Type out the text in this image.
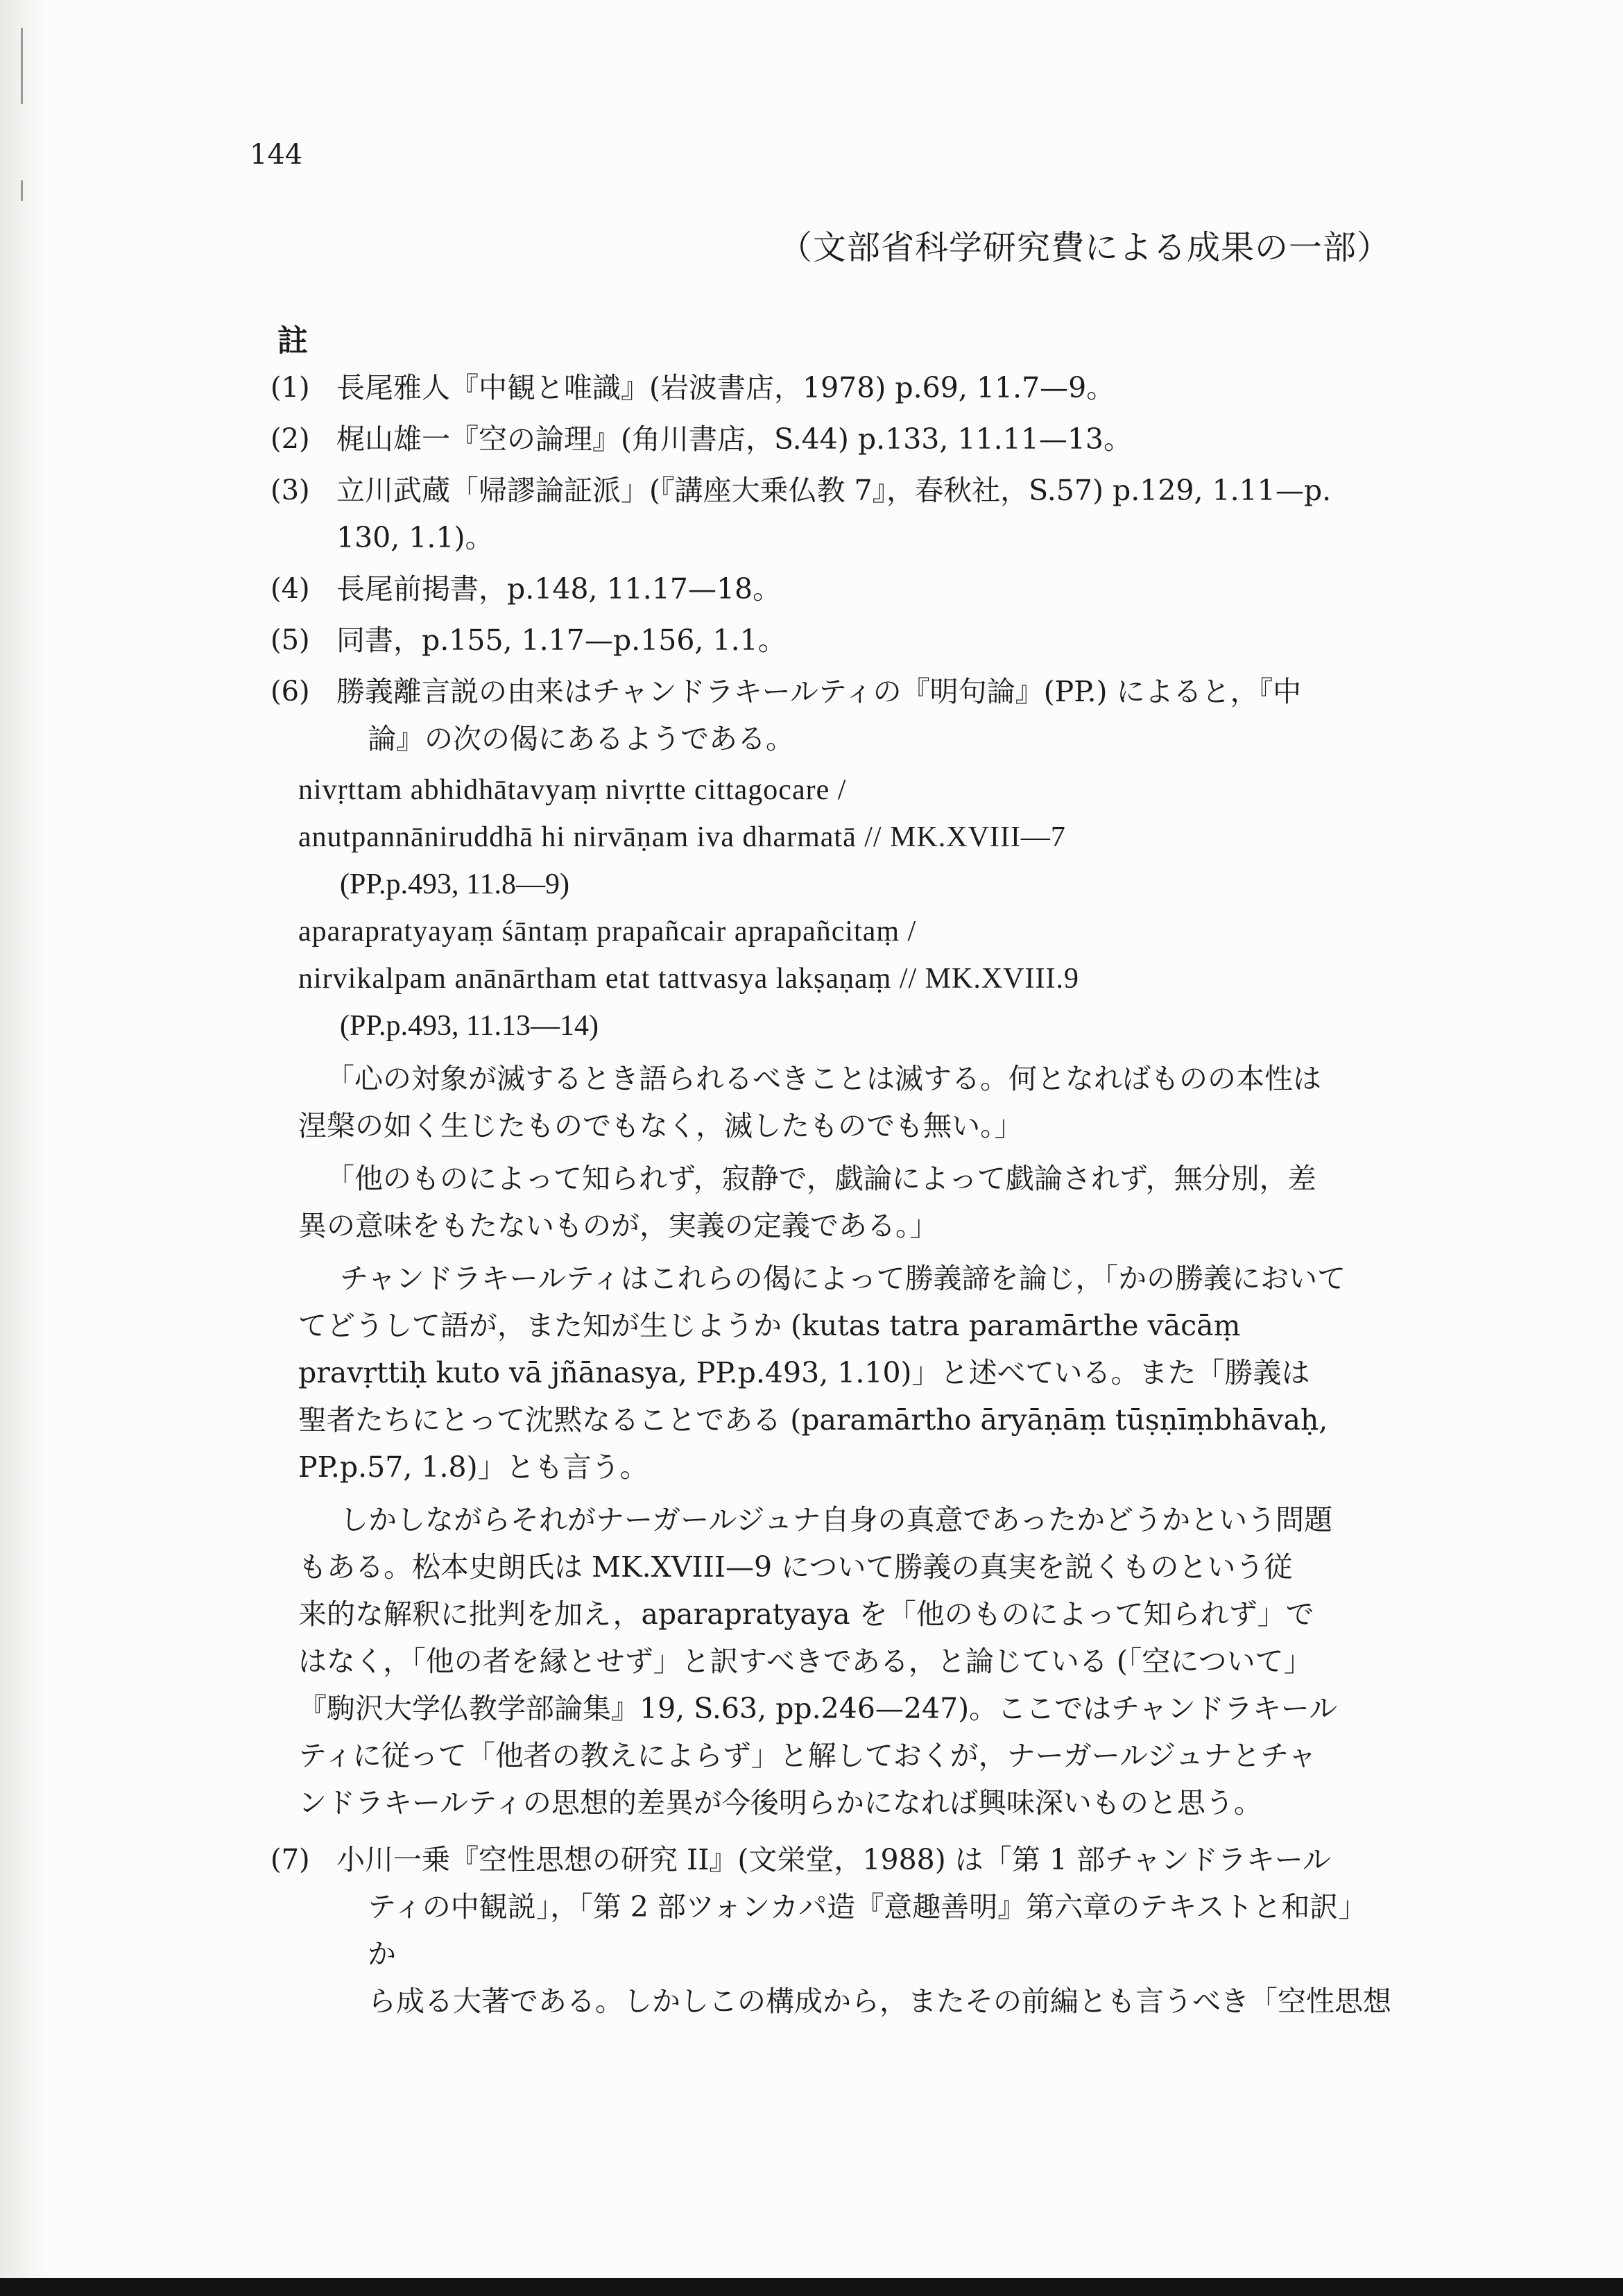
144
（文部省科学研究費による成果の一部）
註
(1) 長尾雅人『中観と唯識』(岩波書店，1978) p.69, 11.7—9。
(2) 梶山雄一『空の論理』(角川書店，S.44) p.133, 11.11—13。
(3) 立川武蔵「帰謬論証派」(『講座大乗仏教 7』，春秋社，S.57) p.129, 1.11—p.
130, 1.1)。
(4) 長尾前掲書，p.148, 11.17—18。
(5) 同書，p.155, 1.17—p.156, 1.1。
(6) 勝義離言説の由来はチャンドラキールティの『明句論』(PP.) によると，『中
論』の次の偈にあるようである。
nivṛttam abhidhātavyaṃ nivṛtte cittagocare /
anutpannāniruddhā hi nirvāṇam iva dharmatā // MK.XVIII—7
(PP.p.493, 11.8—9)
aparapratyayaṃ śāntaṃ prapañcair aprapañcitaṃ /
nirvikalpam anānārtham etat tattvasya lakṣaṇaṃ // MK.XVIII.9
(PP.p.493, 11.13—14)
「心の対象が滅するとき語られるべきことは滅する。何となればものの本性は
涅槃の如く生じたものでもなく，滅したものでも無い。」
「他のものによって知られず，寂静で，戯論によって戯論されず，無分別，差
異の意味をもたないものが，実義の定義である。」
チャンドラキールティはこれらの偈によって勝義諦を論じ，「かの勝義において
てどうして語が，また知が生じようか (kutas tatra paramārthe vācāṃ
pravṛttiḥ kuto vā jñānasya, PP.p.493, 1.10)」と述べている。また「勝義は
聖者たちにとって沈黙なることである (paramārtho āryāṇāṃ tūṣṇīṃbhāvaḥ,
PP.p.57, 1.8)」とも言う。
しかしながらそれがナーガールジュナ自身の真意であったかどうかという問題
もある。松本史朗氏は MK.XVIII—9 について勝義の真実を説くものという従
来的な解釈に批判を加え，aparapratyaya を「他のものによって知られず」で
はなく，「他の者を縁とせず」と訳すべきである，と論じている (「空について」
『駒沢大学仏教学部論集』19, S.63, pp.246—247)。ここではチャンドラキール
ティに従って「他者の教えによらず」と解しておくが，ナーガールジュナとチャ
ンドラキールティの思想的差異が今後明らかになれば興味深いものと思う。
(7) 小川一乗『空性思想の研究 II』(文栄堂，1988) は「第 1 部チャンドラキール
ティの中観説」，「第 2 部ツォンカパ造『意趣善明』第六章のテキストと和訳」か
ら成る大著である。しかしこの構成から，またその前編とも言うべき「空性思想
